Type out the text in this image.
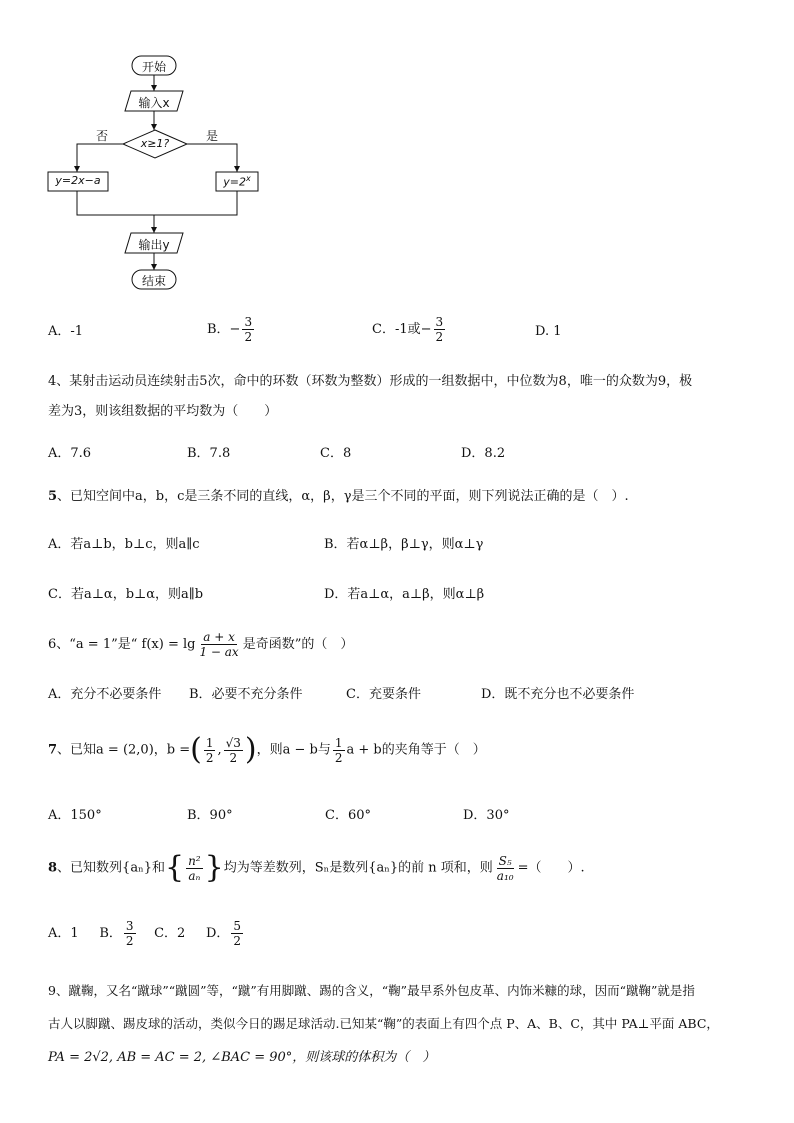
开始
输入x
x≥1?
否	是
y=2x−a	$y=2^x$
输出y
结束
A．-1	B．− $\frac{3}{2}$	C．-1或− $\frac{3}{2}$	D. 1
4、某射击运动员连续射击5次，命中的环数（环数为整数）形成的一组数据中，中位数为8，唯一的众数为9，极
差为3，则该组数据的平均数为（　　）
A．7.6	B．7.8	C．8	D．8.2
5、已知空间中a，b，c是三条不同的直线，α，β，γ是三个不同的平面，则下列说法正确的是（　）.
A．若a⊥b，b⊥c，则a∥c	B．若α⊥β，β⊥γ，则α⊥γ
C．若a⊥α，b⊥α，则a∥b	D．若a⊥α，a⊥β，则α⊥β
6、“a = 1”是“ $f(x) = \lg \frac{a + x}{1 - ax}$ 是奇函数”的（　）
A．充分不必要条件 B．必要不充分条件	C．充要条件	D．既不充分也不必要条件
7、已知a = (2,0)，b =( $\frac{1}{2}$ , $\frac{√3}{2}$ )，则a − b与 $\frac{1}{2}$ a + b的夹角等于（　）
A．150°	B．90°	C．60°	D．30°
8、已知数列{aₙ}和{ $\frac{\text{n²}}{\text{aₙ}}$ }均为等差数列，Sₙ是数列{aₙ}的前 n 项和，则 $\frac{\text{S₅}}{\text{a₁₀}}$ =（　　）.
A．1 B． $\frac{3}{2}$ C．2 D． $\frac{5}{2}$
9、蹴鞠，又名“蹴球”“蹴圆”等，“蹴”有用脚蹴、踢的含义，“鞠”最早系外包皮革、内饰米糠的球，因而“蹴鞠”就是指
古人以脚蹴、踢皮球的活动，类似今日的踢足球活动.已知某“鞠”的表面上有四个点 P、A、B、C，其中 PA⊥平面 ABC，
PA = 2√2, AB = AC = 2, ∠BAC = 90°，则该球的体积为（　）
